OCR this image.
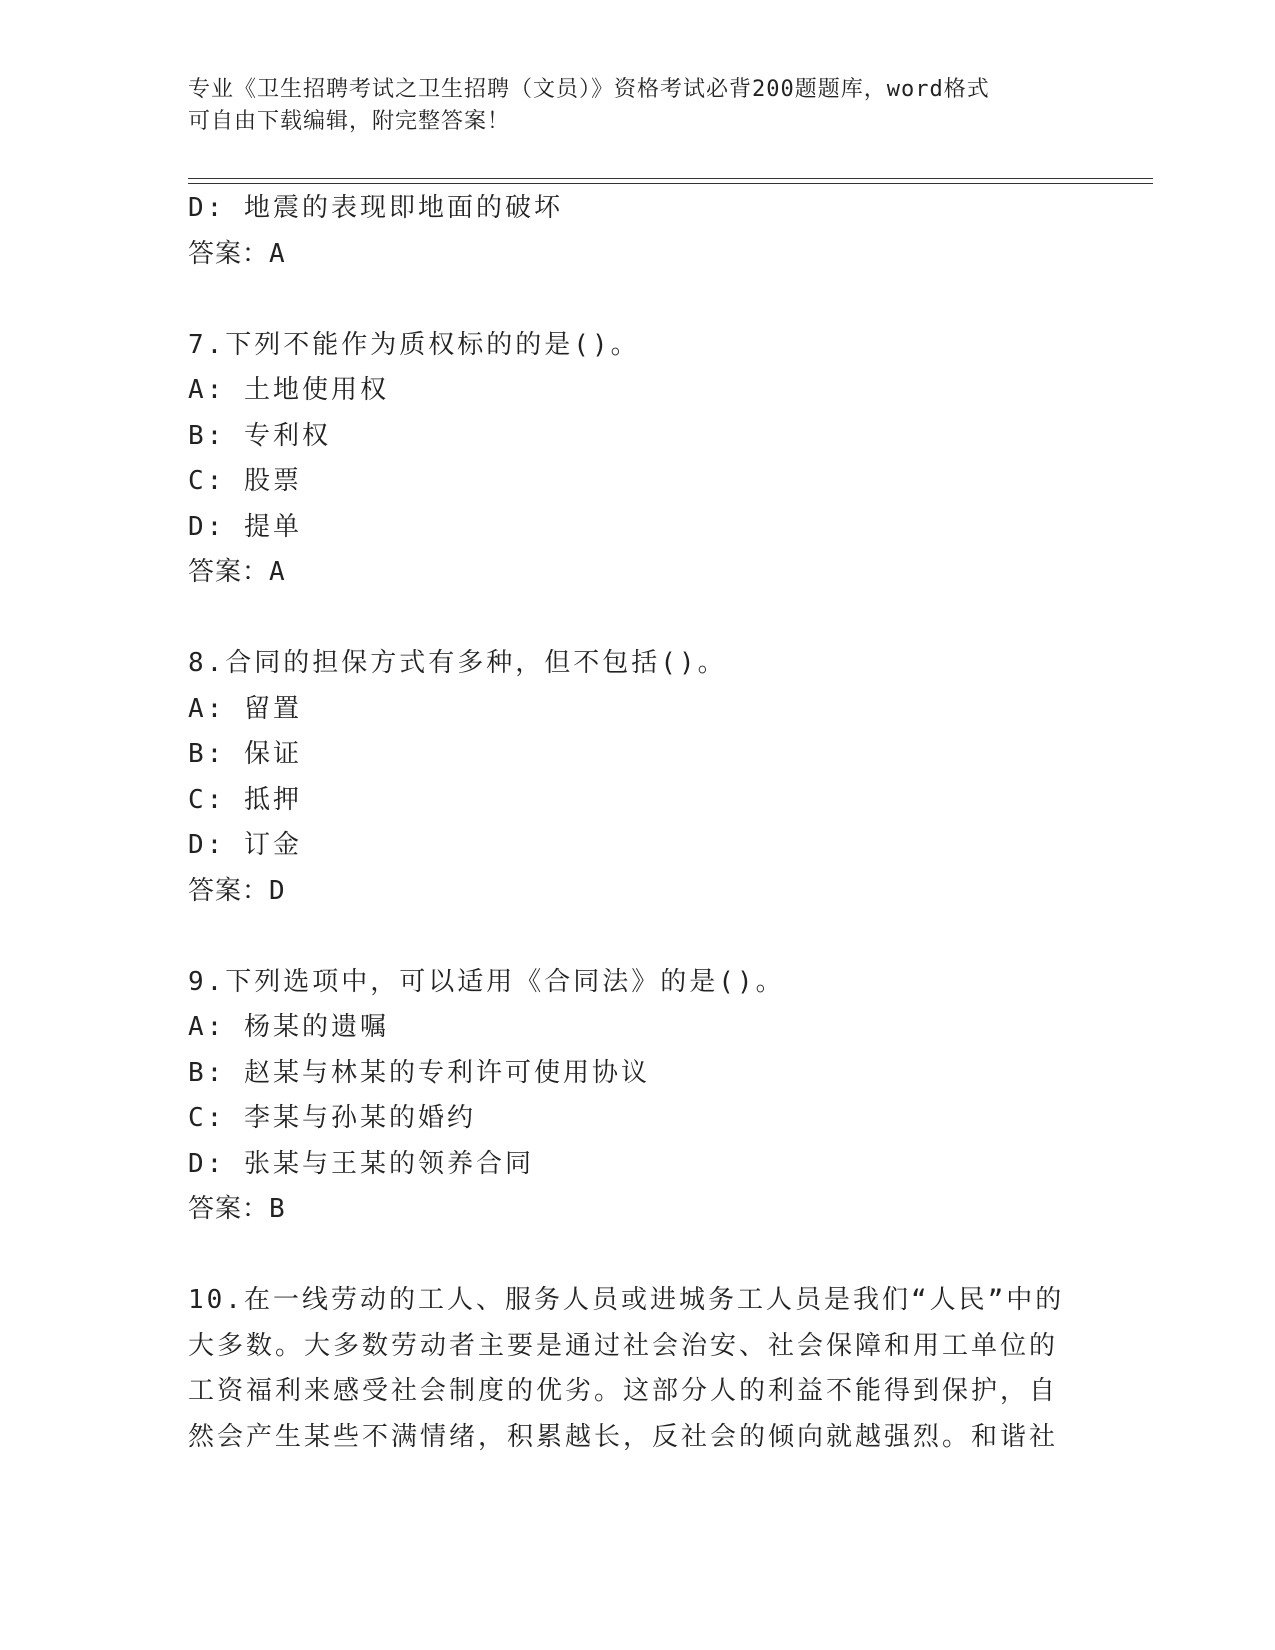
专业《卫生招聘考试之卫生招聘（文员）》资格考试必背200题题库，word格式
可自由下载编辑，附完整答案！
D: 地震的表现即地面的破坏
答案：A
7.下列不能作为质权标的的是()。
A: 土地使用权
B: 专利权
C: 股票
D: 提单
答案：A
8.合同的担保方式有多种，但不包括()。
A: 留置
B: 保证
C: 抵押
D: 订金
答案：D
9.下列选项中，可以适用《合同法》的是()。
A: 杨某的遗嘱
B: 赵某与林某的专利许可使用协议
C: 李某与孙某的婚约
D: 张某与王某的领养合同
答案：B
10.在一线劳动的工人、服务人员或进城务工人员是我们“人民”中的
大多数。大多数劳动者主要是通过社会治安、社会保障和用工单位的
工资福利来感受社会制度的优劣。这部分人的利益不能得到保护，自
然会产生某些不满情绪，积累越长，反社会的倾向就越强烈。和谐社
